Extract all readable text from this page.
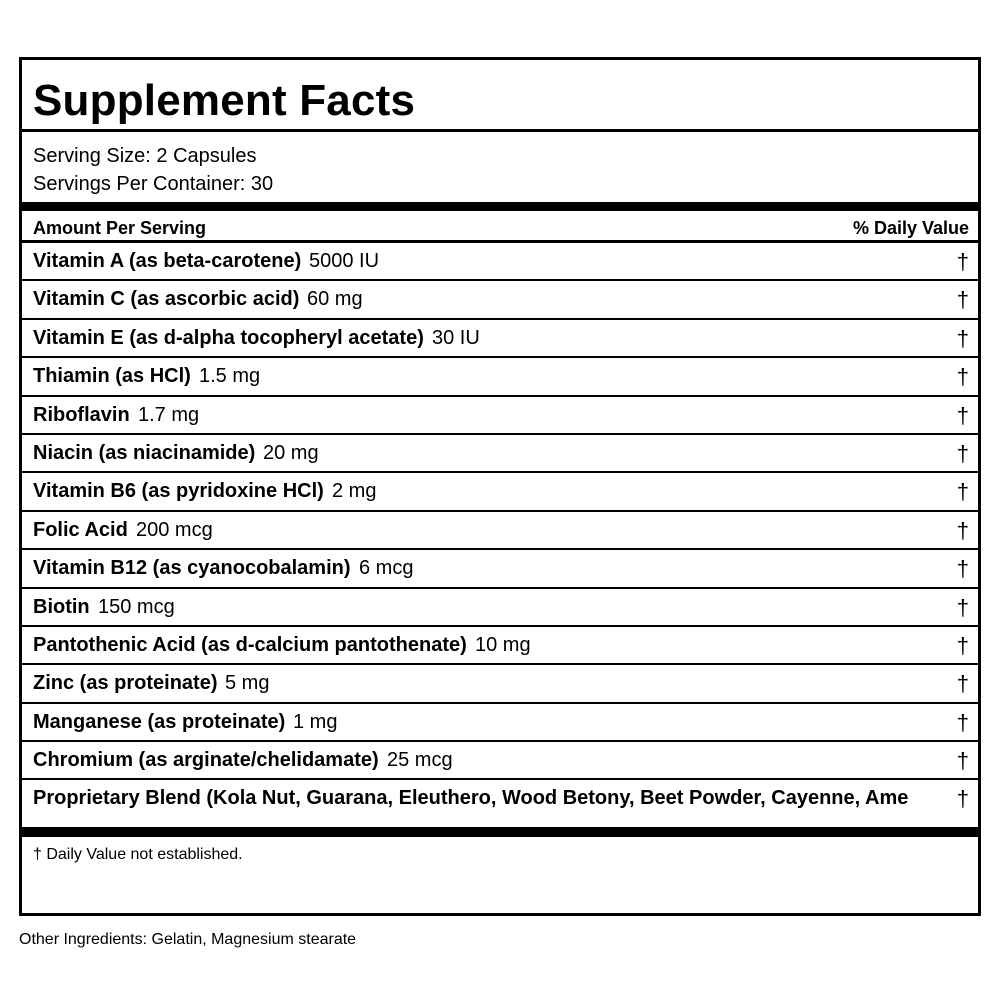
Supplement Facts
Serving Size: 2 Capsules
Servings Per Container: 30
Amount Per Serving	% Daily Value
Vitamin A (as beta-carotene) 5000 IU	†
Vitamin C (as ascorbic acid) 60 mg	†
Vitamin E (as d-alpha tocopheryl acetate) 30 IU	†
Thiamin (as HCl) 1.5 mg	†
Riboflavin 1.7 mg	†
Niacin (as niacinamide) 20 mg	†
Vitamin B6 (as pyridoxine HCl) 2 mg	†
Folic Acid 200 mcg	†
Vitamin B12 (as cyanocobalamin) 6 mcg	†
Biotin 150 mcg	†
Pantothenic Acid (as d-calcium pantothenate) 10 mg	†
Zinc (as proteinate) 5 mg	†
Manganese (as proteinate) 1 mg	†
Chromium (as arginate/chelidamate) 25 mcg	†
Proprietary Blend (Kola Nut, Guarana, Eleuthero, Wood Betony, Beet Powder, Cayenne, Ame †
† Daily Value not established.
Other Ingredients: Gelatin, Magnesium stearate
